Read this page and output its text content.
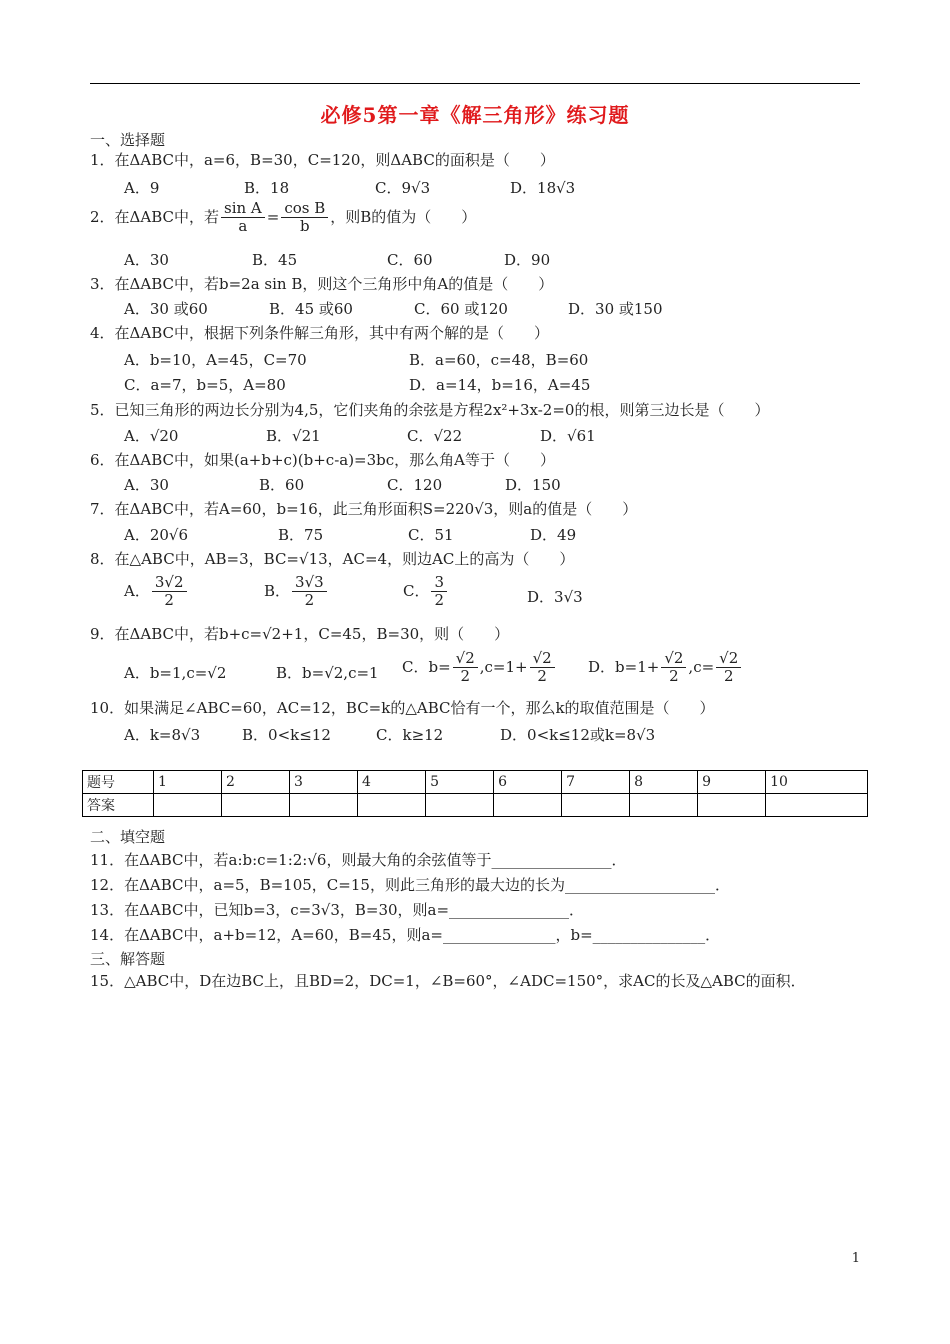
必修5第一章《解三角形》练习题
一、选择题
1．在ΔABC中，a=6，B=30，C=120，则ΔABC的面积是（　　）
A．9	B．18	C．9√3	D．18√3
2．在ΔABC中，若 $\frac{\text{sin A}}{a} = \frac{\text{cos B}}{b}$ ，则B的值为（　　）
A．30	B．45	C．60	D．90
3．在ΔABC中，若b=2a sin B，则这个三角形中角A的值是（　　）
A．30 或60	B．45 或60	C．60 或120	D．30 或150
4．在ΔABC中，根据下列条件解三角形，其中有两个解的是（　　）
A．b=10，A=45，C=70	B．a=60，c=48，B=60
C．a=7，b=5，A=80	D．a=14，b=16，A=45
5．已知三角形的两边长分别为4,5，它们夹角的余弦是方程2x²+3x-2=0的根，则第三边长是（　　）
A．√20	B．√21	C．√22	D．√61
6．在ΔABC中，如果(a+b+c)(b+c-a)=3bc，那么角A等于（　　）
A．30	B．60	C．120	D．150
7．在ΔABC中，若A=60，b=16，此三角形面积S=220√3，则a的值是（　　）
A．20√6	B．75	C．51	D．49
8．在△ABC中，AB=3，BC=√13，AC=4，则边AC上的高为（　　）
A． $\frac{3√2}{2}$	B． $\frac{3√3}{2}$	C． $\frac{3}{2}$	D．3√3
9．在ΔABC中，若b+c=√2+1，C=45，B=30，则（　　）
A．b=1,c=√2	B．b=√2,c=1 C．$b= \frac{√2}{2} ,c=1+ \frac{√2}{2}$ D．$b=1+ \frac{√2}{2} ,c= \frac{√2}{2}$
10．如果满足∠ABC=60，AC=12，BC=k的△ABC恰有一个，那么k的取值范围是（　　）
A．k=8√3	B．0<k≤12	C．k≥12	D．0<k≤12或k=8√3
题号	1	2	3	4	5	6	7	8	9	10
答案										
二、填空题
11．在ΔABC中，若a:b:c=1:2:√6，则最大角的余弦值等于________________．
12．在ΔABC中，a=5，B=105，C=15，则此三角形的最大边的长为____________________．
13．在ΔABC中，已知b=3，c=3√3，B=30，则a=________________．
14．在ΔABC中，a+b=12，A=60，B=45，则a=_______________，b=_______________．
三、解答题
15．△ABC中，D在边BC上，且BD=2，DC=1，∠B=60°，∠ADC=150°，求AC的长及△ABC的面积．
1
